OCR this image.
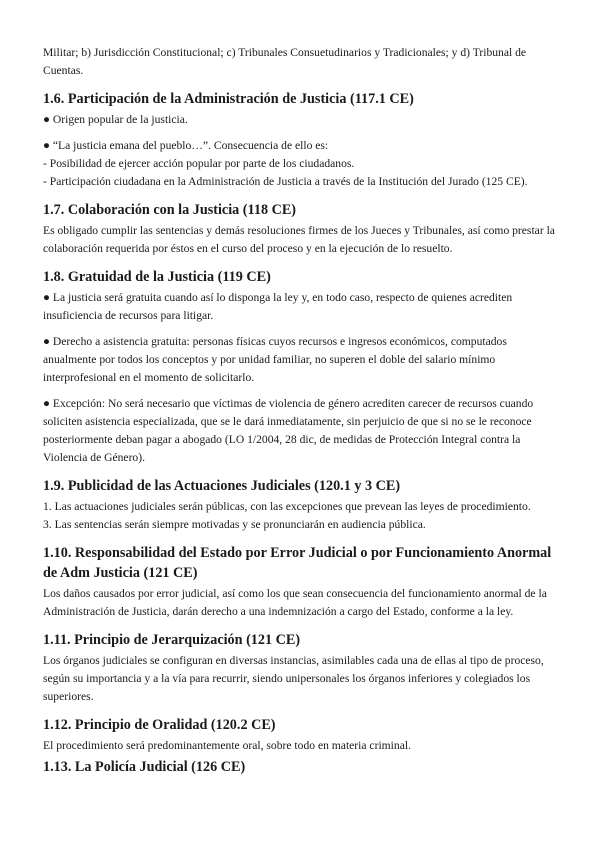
Militar; b) Jurisdicción Constitucional; c) Tribunales Consuetudinarios y Tradicionales; y d) Tribunal de Cuentas.

1.6. Participación de la Administración de Justicia (117.1 CE)

● Origen popular de la justicia.

● “La justicia emana del pueblo…”. Consecuencia de ello es:

- Posibilidad de ejercer acción popular por parte de los ciudadanos.

- Participación ciudadana en la Administración de Justicia a través de la Institución del Jurado (125 CE).

1.7. Colaboración con la Justicia (118 CE)

Es obligado cumplir las sentencias y demás resoluciones firmes de los Jueces y Tribunales, así como prestar la colaboración requerida por éstos en el curso del proceso y en la ejecución de lo resuelto.

1.8. Gratuidad de la Justicia (119 CE)

● La justicia será gratuita cuando así lo disponga la ley y, en todo caso, respecto de quienes acrediten insuficiencia de recursos para litigar.

● Derecho a asistencia gratuita: personas físicas cuyos recursos e ingresos económicos, computados anualmente por todos los conceptos y por unidad familiar, no superen el doble del salario mínimo interprofesional en el momento de solicitarlo.

● Excepción: No será necesario que víctimas de violencia de género acrediten carecer de recursos cuando soliciten asistencia especializada, que se le dará inmediatamente, sin perjuicio de que si no se le reconoce posteriormente deban pagar a abogado (LO 1/2004, 28 dic, de medidas de Protección Integral contra la Violencia de Género).

1.9. Publicidad de las Actuaciones Judiciales (120.1 y 3 CE)

1. Las actuaciones judiciales serán públicas, con las excepciones que prevean las leyes de procedimiento.

3. Las sentencias serán siempre motivadas y se pronunciarán en audiencia pública.

1.10. Responsabilidad del Estado por Error Judicial o por Funcionamiento Anormal de Adm Justicia (121 CE)

Los daños causados por error judicial, así como los que sean consecuencia del funcionamiento anormal de la Administración de Justicia, darán derecho a una indemnización a cargo del Estado, conforme a la ley.

1.11. Principio de Jerarquización (121 CE)

Los órganos judiciales se configuran en diversas instancias, asimilables cada una de ellas al tipo de proceso, según su importancia y a la vía para recurrir, siendo unipersonales los órganos inferiores y colegiados los superiores.

1.12. Principio de Oralidad (120.2 CE)

El procedimiento será predominantemente oral, sobre todo en materia criminal.

1.13. La Policía Judicial (126 CE)
